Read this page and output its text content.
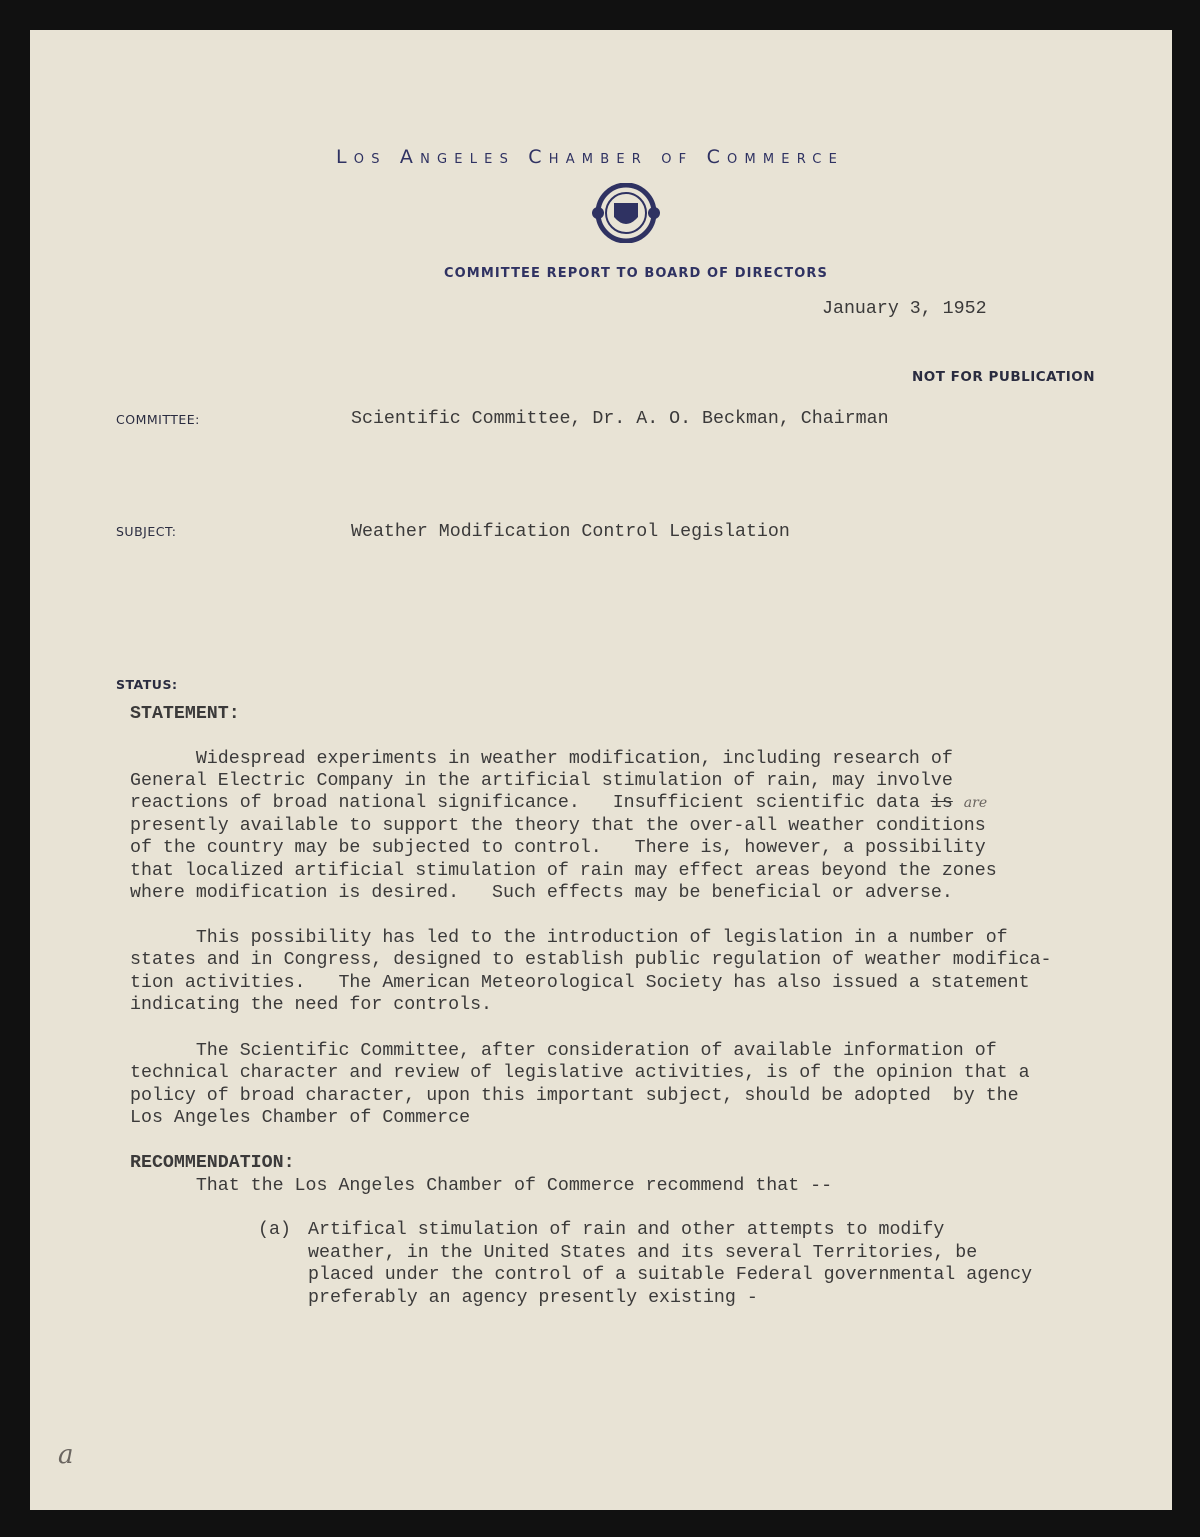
Los Angeles Chamber of Commerce
COMMITTEE REPORT TO BOARD OF DIRECTORS
January 3, 1952
NOT FOR PUBLICATION
COMMITTEE:	Scientific Committee, Dr. A. O. Beckman, Chairman
SUBJECT:	Weather Modification Control Legislation
STATUS:
STATEMENT:
Widespread experiments in weather modification, including research of
General Electric Company in the artificial stimulation of rain, may involve
reactions of broad national significance.   Insufficient scientific data is are
presently available to support the theory that the over-all weather conditions
of the country may be subjected to control.   There is, however, a possibility
that localized artificial stimulation of rain may effect areas beyond the zones
where modification is desired.   Such effects may be beneficial or adverse.
This possibility has led to the introduction of legislation in a number of
states and in Congress, designed to establish public regulation of weather modifica-
tion activities.   The American Meteorological Society has also issued a statement
indicating the need for controls.
The Scientific Committee, after consideration of available information of
technical character and review of legislative activities, is of the opinion that a
policy of broad character, upon this important subject, should be adopted  by the
Los Angeles Chamber of Commerce
RECOMMENDATION:
That the Los Angeles Chamber of Commerce recommend that --
(a) Artifical stimulation of rain and other attempts to modify
weather, in the United States and its several Territories, be
placed under the control of a suitable Federal governmental agency
preferably an agency presently existing -
a
